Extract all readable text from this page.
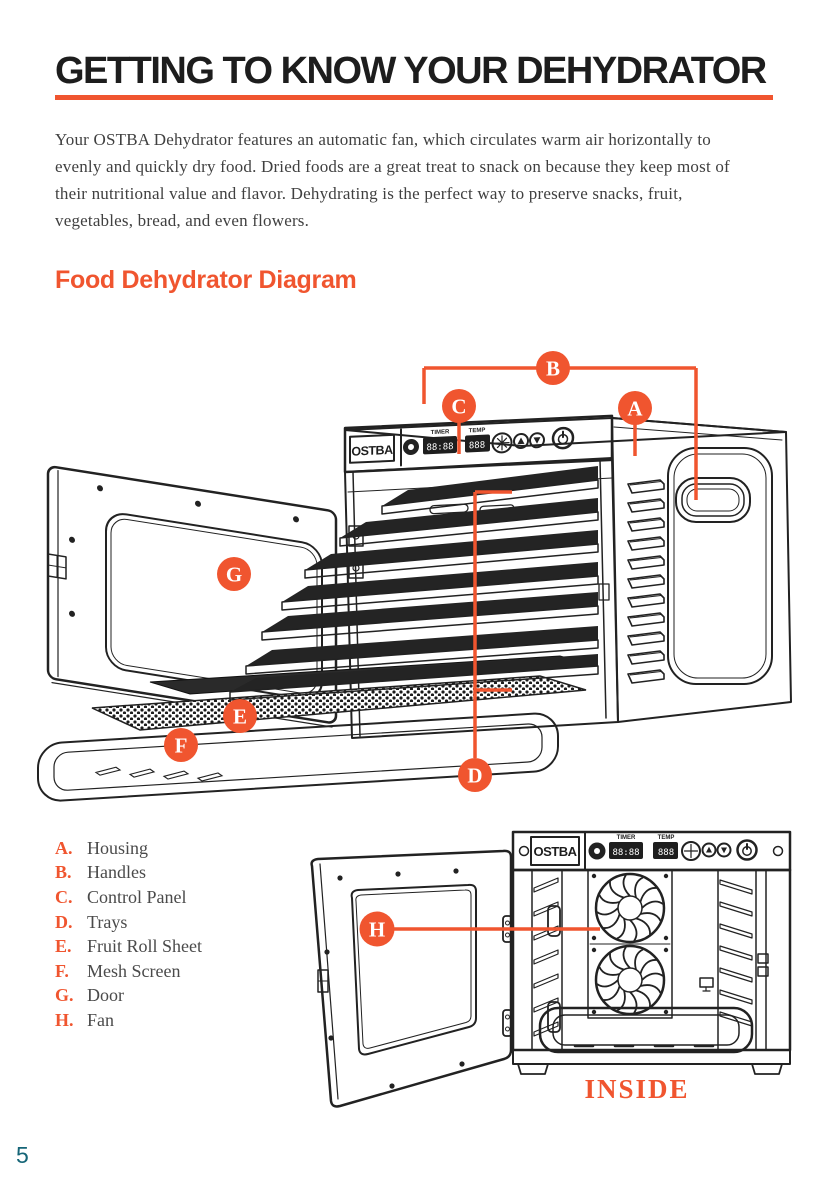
GETTING TO KNOW YOUR DEHYDRATOR
Your OSTBA Dehydrator features an automatic fan, which circulates warm air horizontally to evenly and quickly dry food. Dried foods are a great treat to snack on because they keep most of their nutritional value and flavor. Dehydrating is the perfect way to preserve snacks, fruit, vegetables, bread, and even flowers.
Food Dehydrator Diagram
OSTBA
TIMER
88:88
TEMP
888
B
C	A
G
E
F
D
A. Housing
B. Handles
C. Control Panel
D. Trays
E. Fruit Roll Sheet
F.	Mesh Screen
G. Door
H. Fan
OSTBA
TIMER
88:88
TEMP
888
H
INSIDE
5
